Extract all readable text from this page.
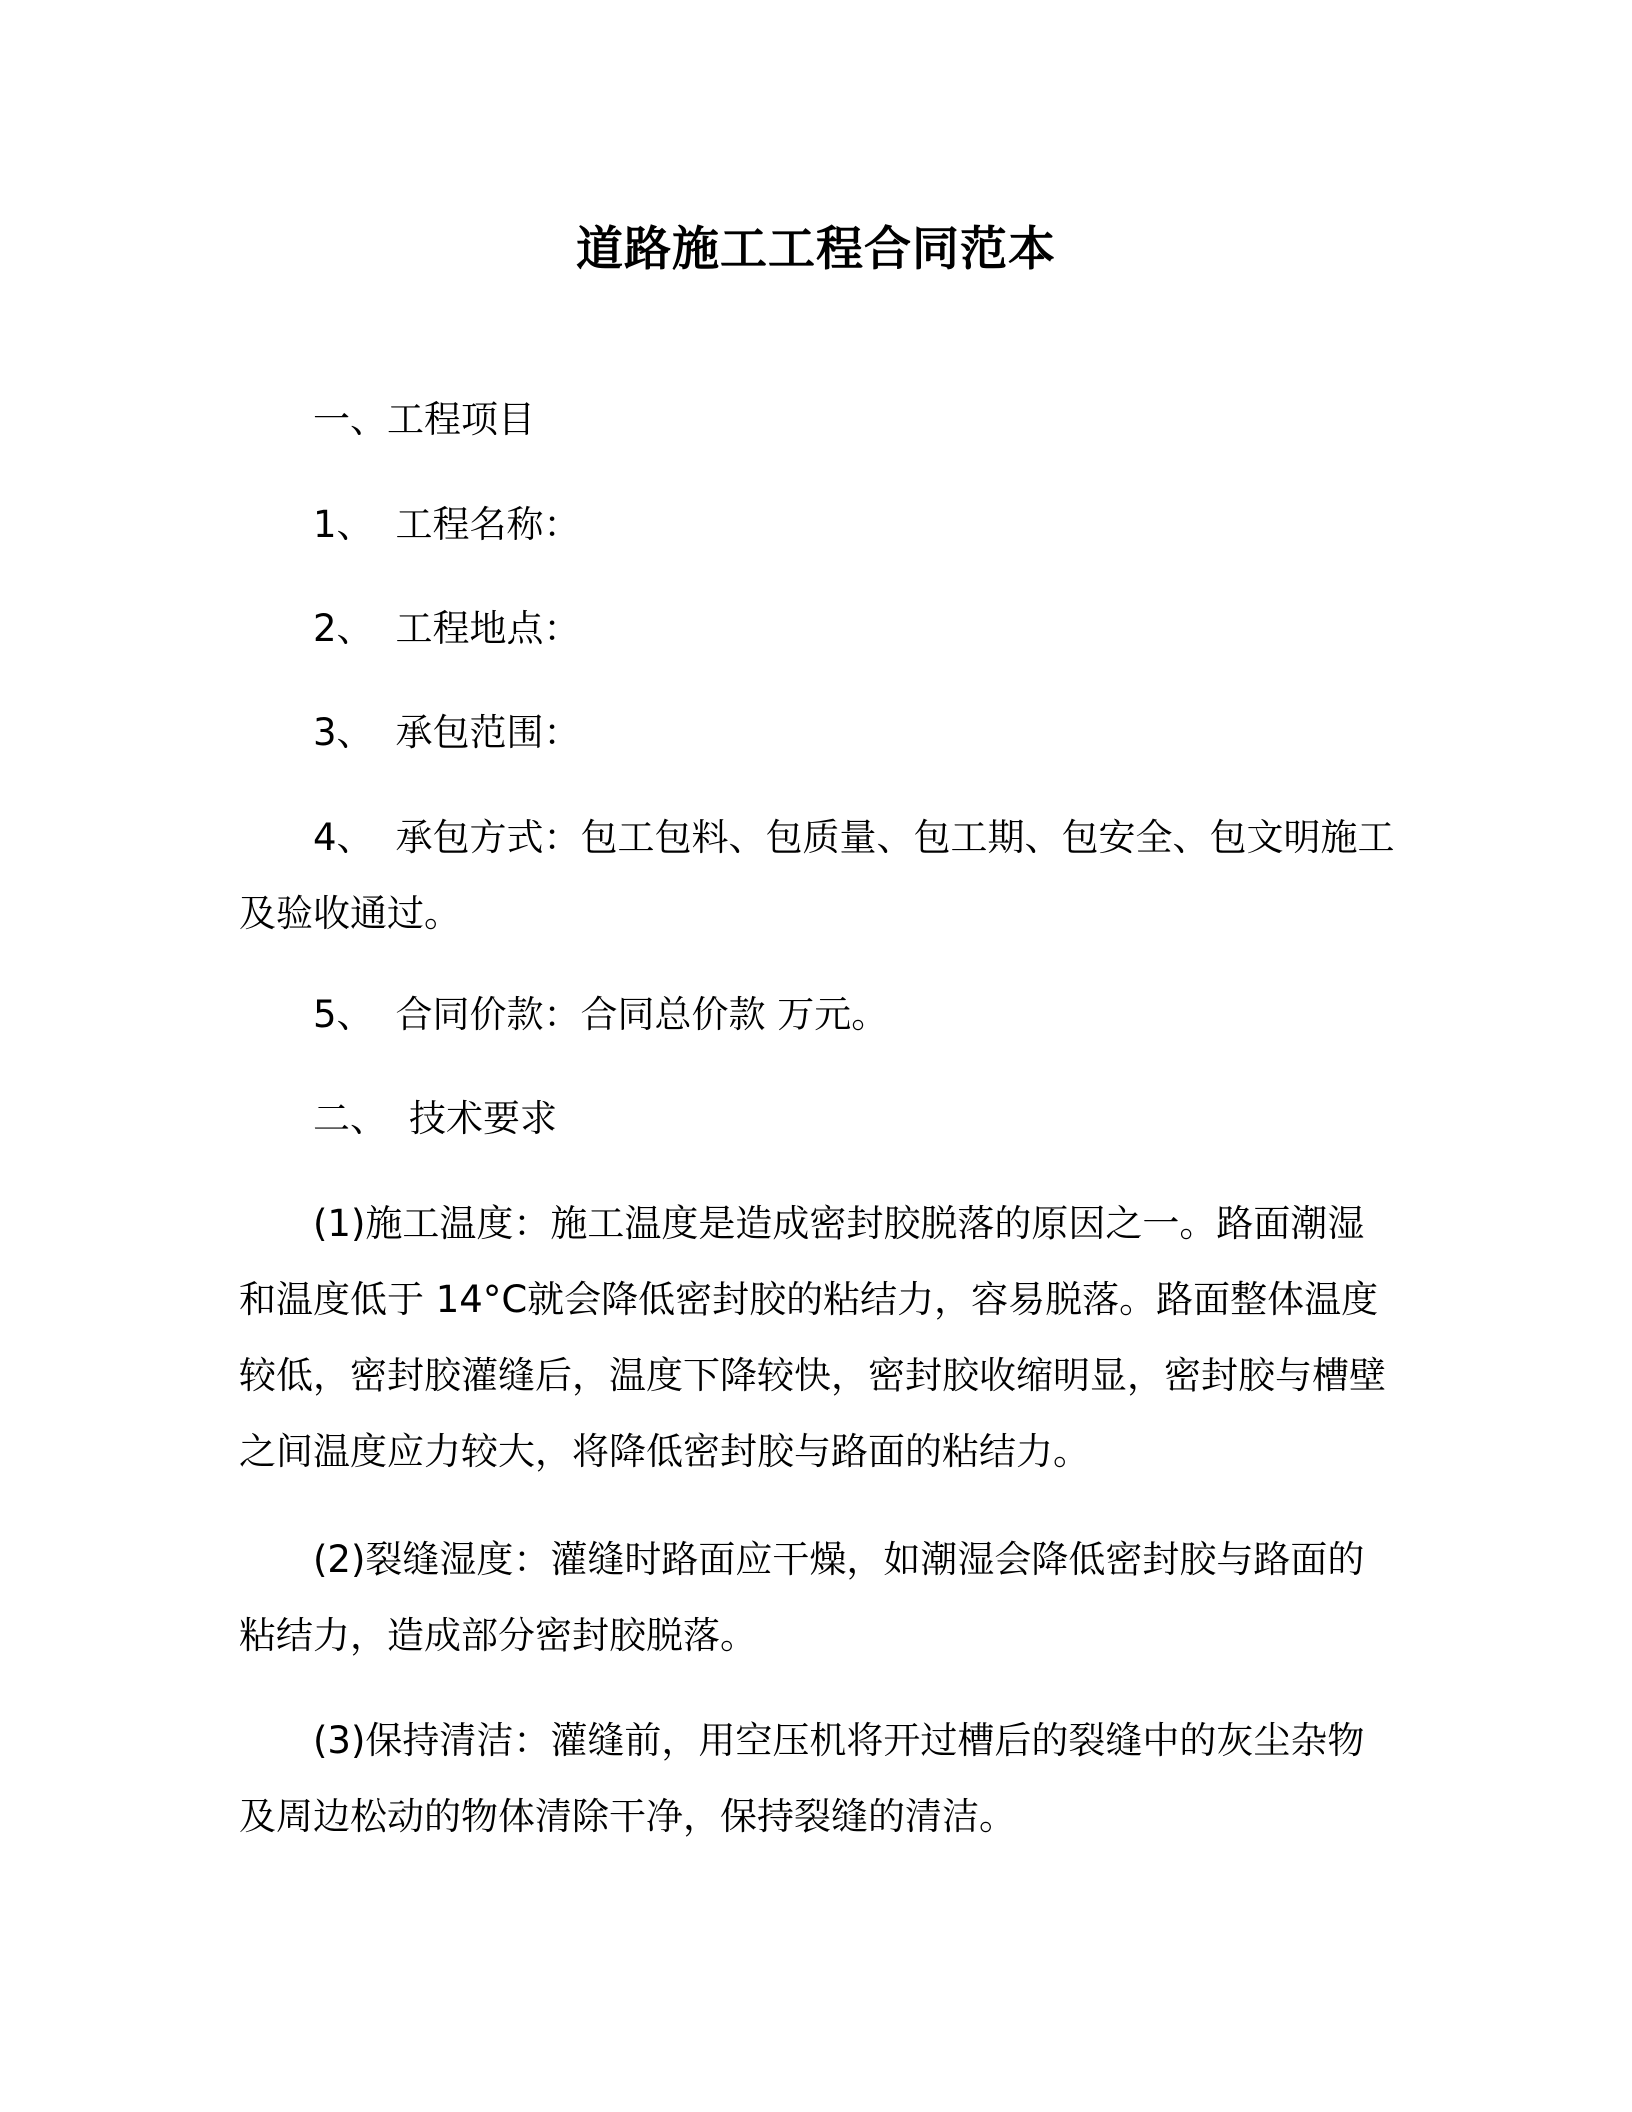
道路施工工程合同范本
一、工程项目
1、 工程名称：
2、 工程地点：
3、 承包范围：
4、 承包方式：包工包料、包质量、包工期、包安全、包文明施工及验收通过。
5、 合同价款：合同总价款 万元。
二、 技术要求
(1)施工温度：施工温度是造成密封胶脱落的原因之一。路面潮湿和温度低于 14°C就会降低密封胶的粘结力，容易脱落。路面整体温度较低，密封胶灌缝后，温度下降较快，密封胶收缩明显，密封胶与槽壁之间温度应力较大，将降低密封胶与路面的粘结力。
(2)裂缝湿度：灌缝时路面应干燥，如潮湿会降低密封胶与路面的粘结力，造成部分密封胶脱落。
(3)保持清洁：灌缝前，用空压机将开过槽后的裂缝中的灰尘杂物及周边松动的物体清除干净，保持裂缝的清洁。
